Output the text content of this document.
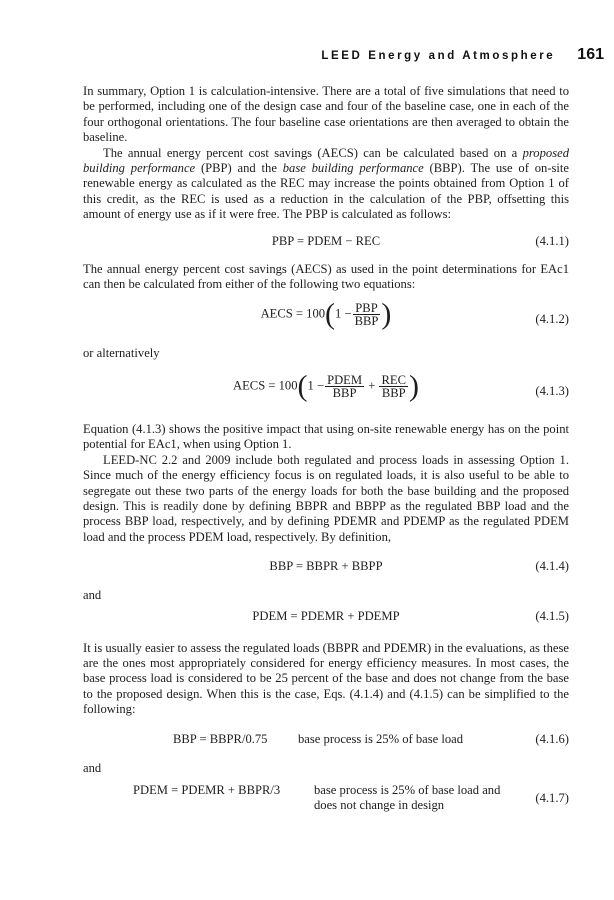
LEED Energy and Atmosphere 161

In summary, Option 1 is calculation-intensive. There are a total of five simulations that need to be performed, including one of the design case and four of the baseline case, one in each of the four orthogonal orientations. The four baseline case orientations are then averaged to obtain the baseline.

The annual energy percent cost savings (AECS) can be calculated based on a proposed building performance (PBP) and the base building performance (BBP). The use of on-site renewable energy as calculated as the REC may increase the points obtained from Option 1 of this credit, as the REC is used as a reduction in the calculation of the PBP, offsetting this amount of energy use as if it were free. The PBP is calculated as follows:

PBP = PDEM − REC	(4.1.1)

The annual energy percent cost savings (AECS) as used in the point determinations for EAc1 can then be calculated from either of the following two equations:

AECS = $100(1 - \frac{\text{PBP}}{\text{BBP}}$ )	(4.1.2)

or alternatively

AECS = $100(1 - \frac{\text{PDEM}}{\text{BBP}} + \frac{\text{REC}}{\text{BBP}}$ )	(4.1.3)

Equation (4.1.3) shows the positive impact that using on-site renewable energy has on the point potential for EAc1, when using Option 1.

LEED-NC 2.2 and 2009 include both regulated and process loads in assessing Option 1. Since much of the energy efficiency focus is on regulated loads, it is also useful to be able to segregate out these two parts of the energy loads for both the base building and the proposed design. This is readily done by defining BBPR and BBPP as the regulated BBP load and the process BBP load, respectively, and by defining PDEMR and PDEMP as the regulated PDEM load and the process PDEM load, respectively. By definition,

BBP = BBPR + BBPP	(4.1.4)

and

PDEM = PDEMR + PDEMP	(4.1.5)

It is usually easier to assess the regulated loads (BBPR and PDEMR) in the evaluations, as these are the ones most appropriately considered for energy efficiency measures. In most cases, the base process load is considered to be 25 percent of the base and does not change from the base to the proposed design. When this is the case, Eqs. (4.1.4) and (4.1.5) can be simplified to the following:

BBP = BBPR/0.75 base process is 25% of base load	(4.1.6)

and

PDEM = PDEMR + BBPR/3	base process is 25% of base load and
does not change in design	(4.1.7)
